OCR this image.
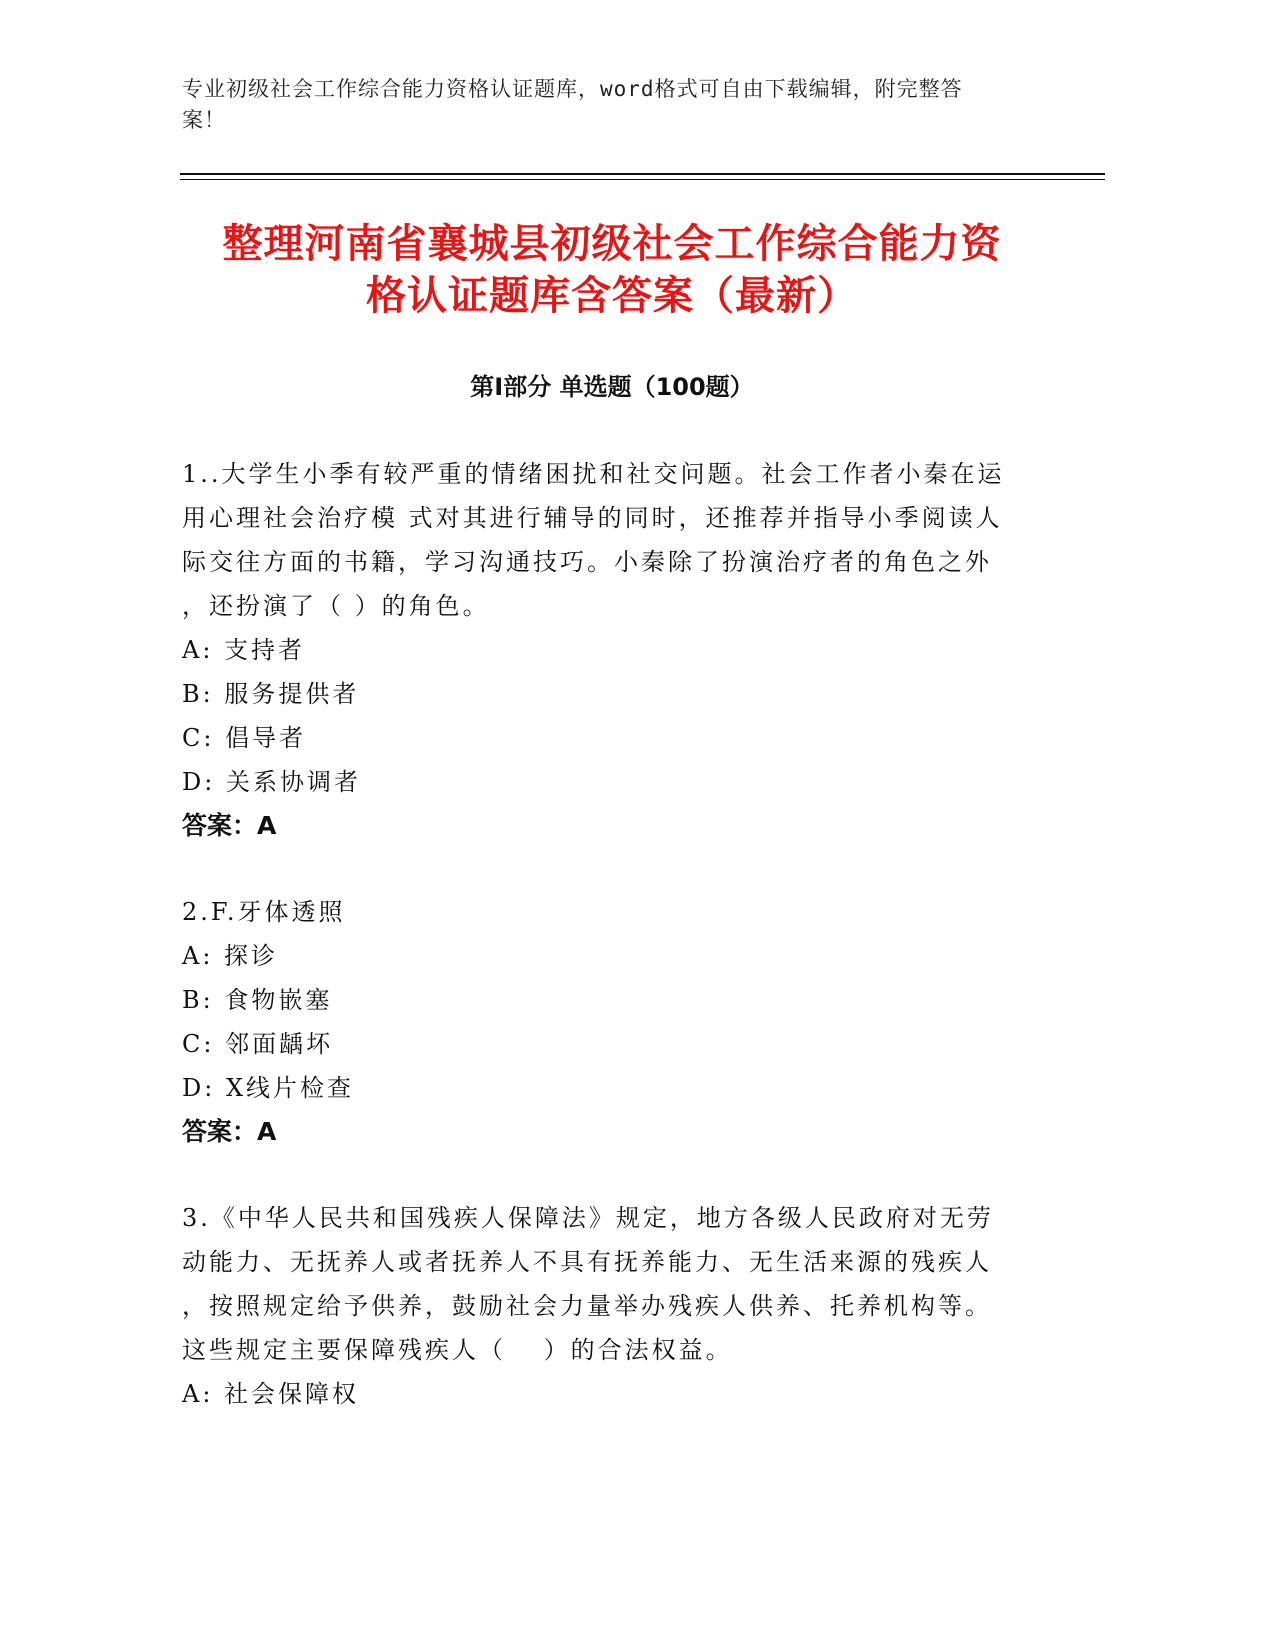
专业初级社会工作综合能力资格认证题库，word格式可自由下载编辑，附完整答
案！
整理河南省襄城县初级社会工作综合能力资
格认证题库含答案（最新）
第Ⅰ部分 单选题（100题）
1..大学生小季有较严重的情绪困扰和社交问题。社会工作者小秦在运
用心理社会治疗模 式对其进行辅导的同时，还推荐并指导小季阅读人
际交往方面的书籍，学习沟通技巧。小秦除了扮演治疗者的角色之外
，还扮演了（ ）的角色。
A: 支持者
B: 服务提供者
C: 倡导者
D: 关系协调者
答案：A
2.F.牙体透照
A: 探诊
B: 食物嵌塞
C: 邻面龋坏
D: X线片检查
答案：A
3.《中华人民共和国残疾人保障法》规定，地方各级人民政府对无劳
动能力、无抚养人或者抚养人不具有抚养能力、无生活来源的残疾人
，按照规定给予供养，鼓励社会力量举办残疾人供养、托养机构等。
这些规定主要保障残疾人（　 ）的合法权益。
A: 社会保障权
